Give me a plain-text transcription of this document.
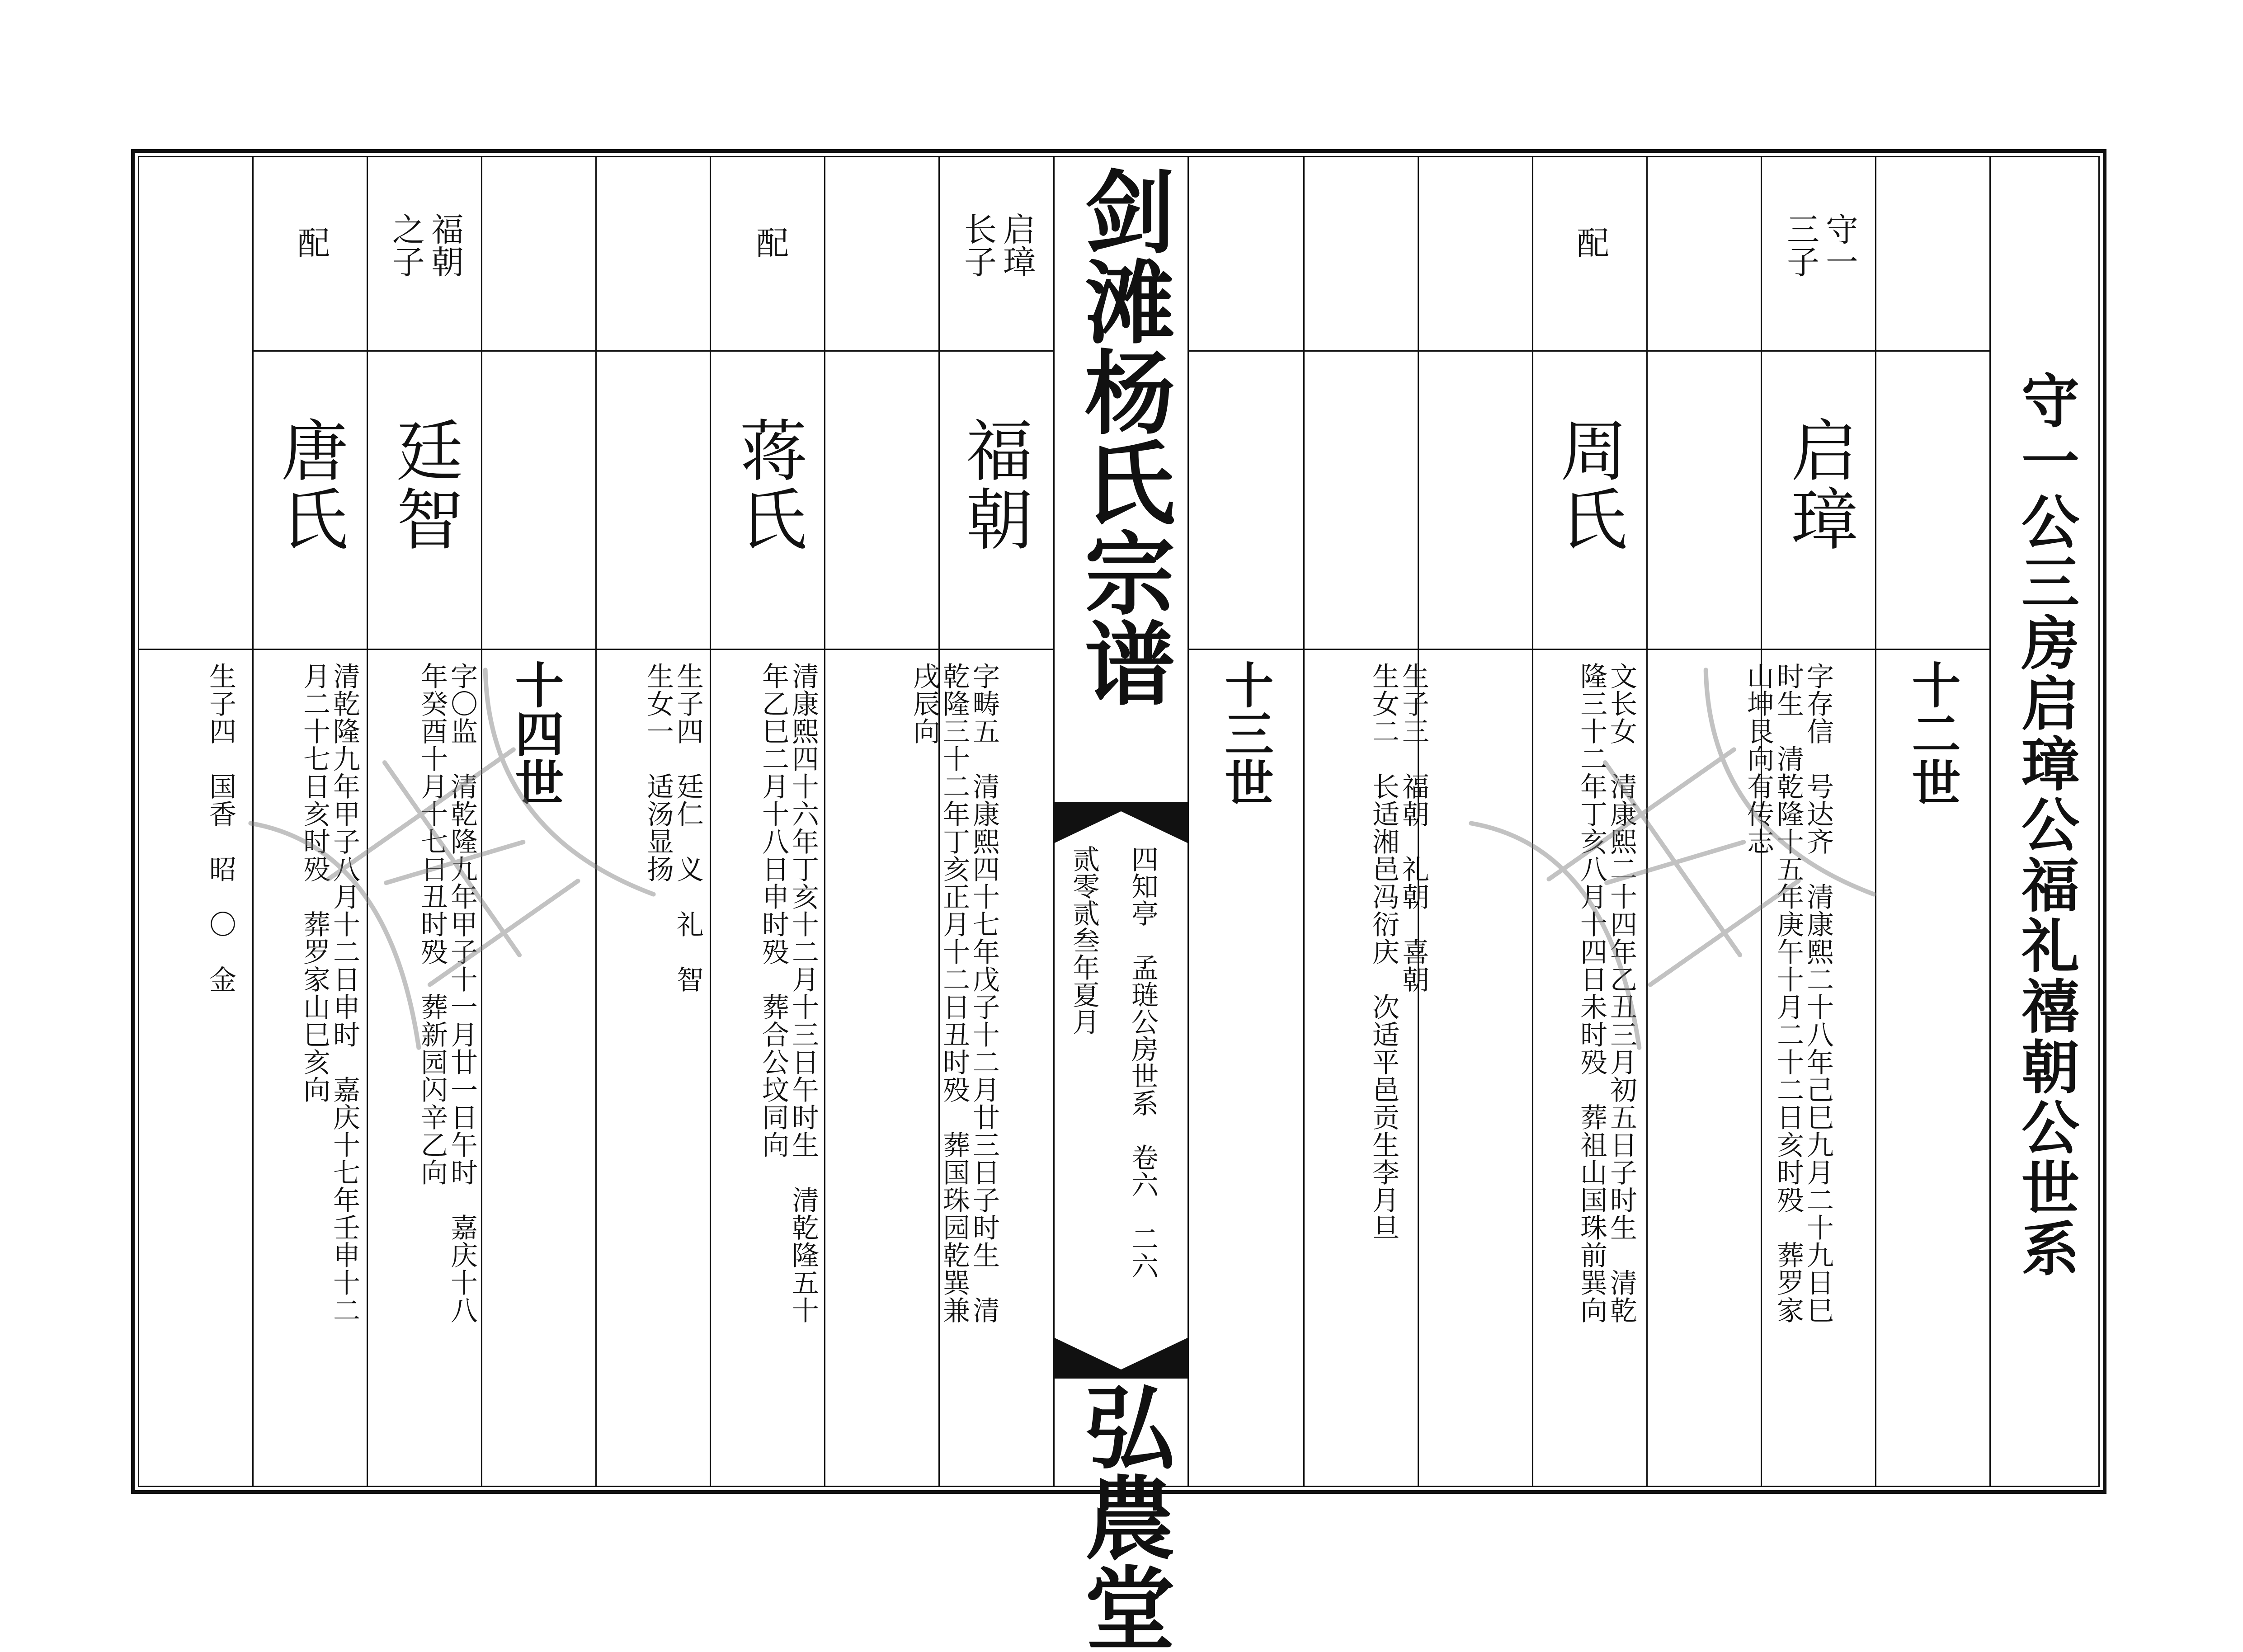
剑滩杨氏宗谱
四知亭　孟琏公房世系　卷六　二六
贰零贰叁年夏月
弘農堂
守一公三房启璋公福礼禧朝公世系
十二世
十三世
十四世
守一
三子
启璋
字存信　号达齐　清康熙二十八年己巳九月二十九日巳
时生　清乾隆十五年庚午十月二十二日亥时殁　葬罗家
山坤艮向有传志
配
周氏
文长女　清康熙二十四年乙丑三月初五日子时生　清乾
隆三十二年丁亥八月十四日未时殁　葬祖山国珠前巽向
生子三　福朝　礼朝　喜朝
生女二　长适湘邑冯衍庆　次适平邑贡生李月旦
启璋
长子
福朝
字畴五　清康熙四十七年戊子十二月廿三日子时生　清
乾隆三十二年丁亥正月十二日丑时殁　葬国珠园乾巽兼
戌辰向
配
蒋氏
清康熙四十六年丁亥十二月十三日午时生　清乾隆五十
年乙巳二月十八日申时殁　葬合公坟同向
生子四　廷仁　义　礼　智
生女一　适汤显扬
福朝
之子
廷智
字〇监　清乾隆九年甲子十一月廿一日午时　嘉庆十八
年癸酉十月十七日丑时殁　葬新园闪辛乙向
配
唐氏
清乾隆九年甲子八月十二日申时　嘉庆十七年壬申十二
月二十七日亥时殁　葬罗家山巳亥向
生子四　国香　昭　〇　金
